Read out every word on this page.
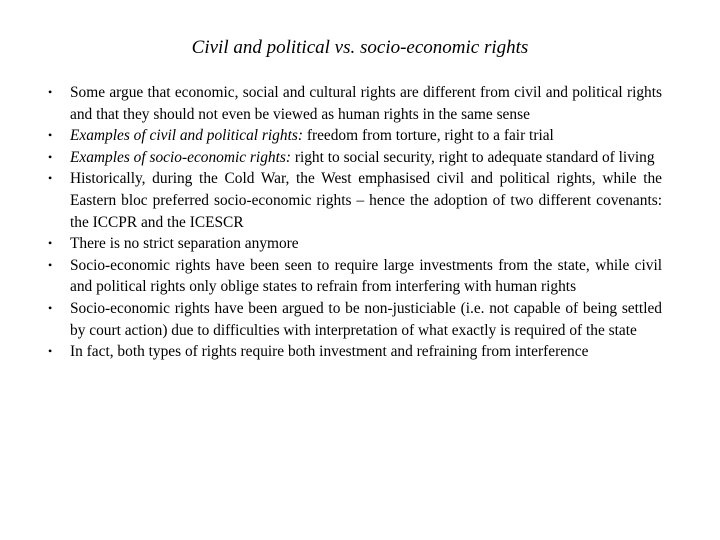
Civil and political vs. socio-economic rights
•	Some argue that economic, social and cultural rights are different from civil and political rights and that they should not even be viewed as human rights in the same sense
•	Examples of civil and political rights: freedom from torture, right to a fair trial
•	Examples of socio-economic rights: right to social security, right to adequate standard of living
•	Historically, during the Cold War, the West emphasised civil and political rights, while the Eastern bloc preferred socio-economic rights – hence the adoption of two different covenants: the ICCPR and the ICESCR
•	There is no strict separation anymore
•	Socio-economic rights have been seen to require large investments from the state, while civil and political rights only oblige states to refrain from interfering with human rights
•	Socio-economic rights have been argued to be non-justiciable (i.e. not capable of being settled by court action) due to difficulties with interpretation of what exactly is required of the state
•	In fact, both types of rights require both investment and refraining from interference
